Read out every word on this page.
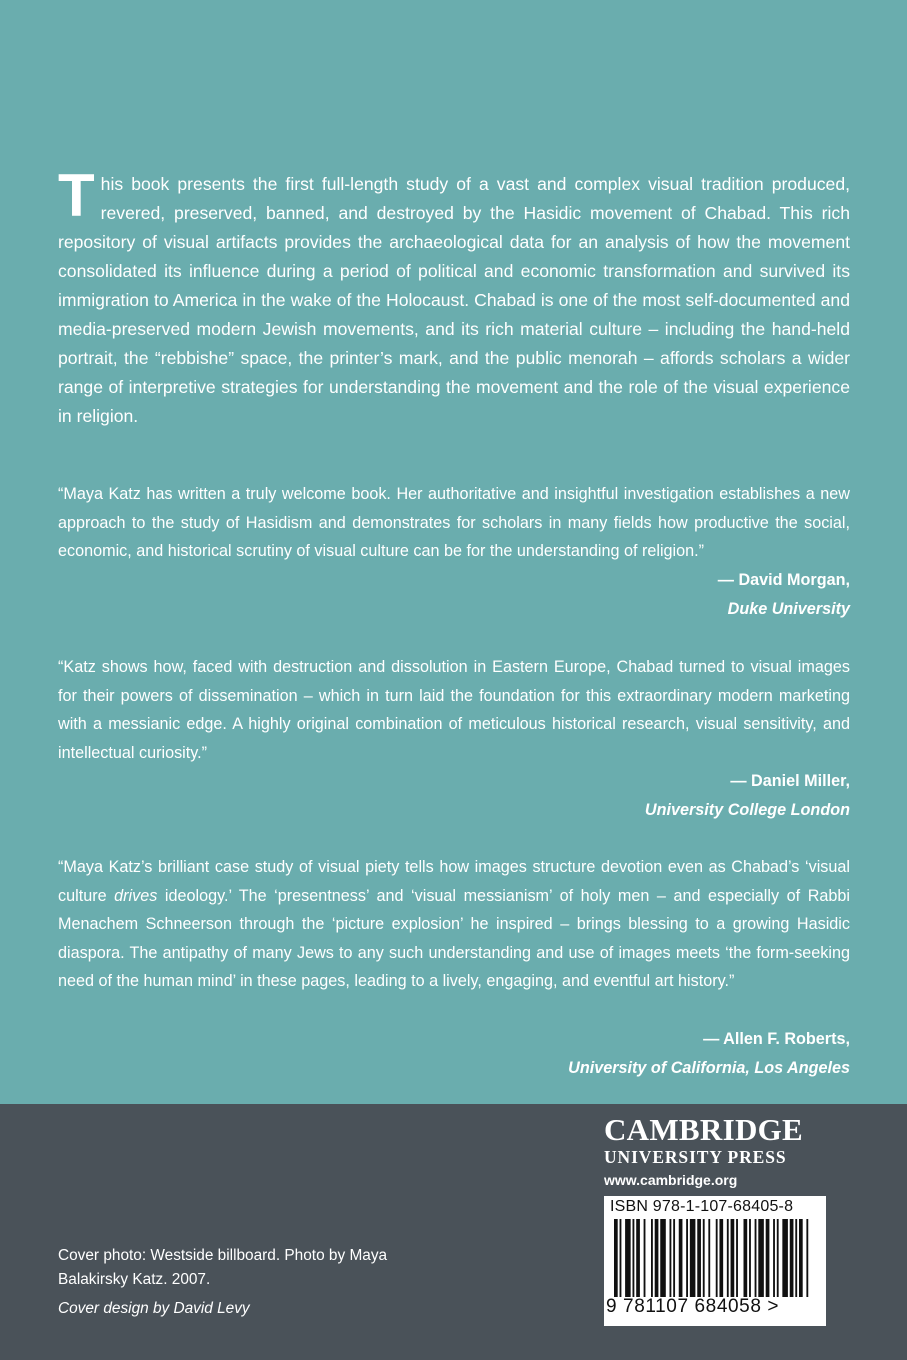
This book presents the first full-length study of a vast and complex visual tradition produced, revered, preserved, banned, and destroyed by the Hasidic movement of Chabad. This rich repository of visual artifacts provides the archaeological data for an analysis of how the movement consolidated its influence during a period of political and economic transformation and survived its immigration to America in the wake of the Holocaust. Chabad is one of the most self-documented and media-preserved modern Jewish movements, and its rich material culture – including the hand-held portrait, the “rebbishe” space, the printer’s mark, and the public menorah – affords scholars a wider range of interpretive strategies for understanding the movement and the role of the visual experience in religion.
“Maya Katz has written a truly welcome book. Her authoritative and insightful investigation establishes a new approach to the study of Hasidism and demonstrates for scholars in many fields how productive the social, economic, and historical scrutiny of visual culture can be for the understanding of religion.”
— David Morgan,
Duke University
“Katz shows how, faced with destruction and dissolution in Eastern Europe, Chabad turned to visual images for their powers of dissemination – which in turn laid the foundation for this extraordinary modern marketing with a messianic edge. A highly original combination of meticulous historical research, visual sensitivity, and intellectual curiosity.”
— Daniel Miller,
University College London
“Maya Katz’s brilliant case study of visual piety tells how images structure devotion even as Chabad’s ‘visual culture drives ideology.’ The ‘presentness’ and ‘visual messianism’ of holy men – and especially of Rabbi Menachem Schneerson through the ‘picture explosion’ he inspired – brings blessing to a growing Hasidic diaspora. The antipathy of many Jews to any such understanding and use of images meets ‘the form-seeking need of the human mind’ in these pages, leading to a lively, engaging, and eventful art history.”
— Allen F. Roberts,
University of California, Los Angeles
Cover photo: Westside billboard. Photo by Maya Balakirsky Katz. 2007.
Cover design by David Levy
CAMBRIDGE
UNIVERSITY PRESS
www.cambridge.org
ISBN 978-1-107-68405-8
9 781107 684058 >
